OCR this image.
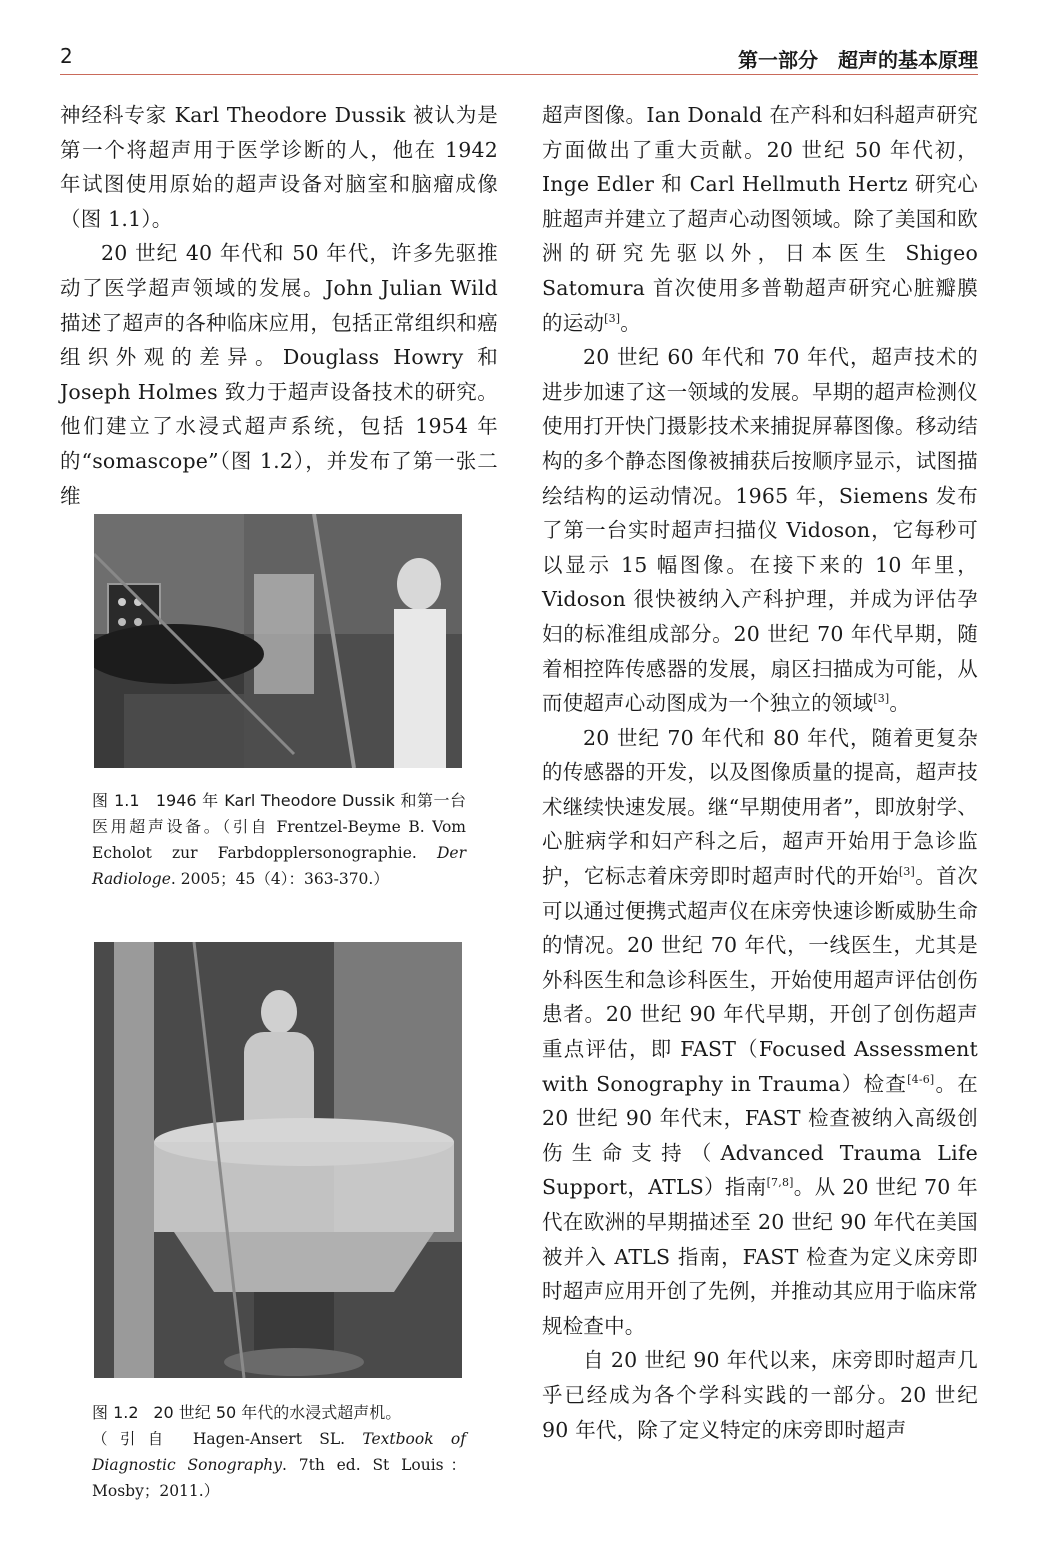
2	第一部分　超声的基本原理

神经科专家 Karl Theodore Dussik 被认为是第一个将超声用于医学诊断的人，他在 1942 年试图使用原始的超声设备对脑室和脑瘤成像（图 1.1）。

20 世纪 40 年代和 50 年代，许多先驱推动了医学超声领域的发展。John Julian Wild 描述了超声的各种临床应用，包括正常组织和癌组织外观的差异。Douglass Howry 和 Joseph Holmes 致力于超声设备技术的研究。他们建立了水浸式超声系统，包括 1954 年的“somascope”（图 1.2），并发布了第一张二维

图 1.1 1946 年 Karl Theodore Dussik 和第一台医用超声设备。（引自 Frentzel-Beyme B. Vom Echolot zur Farbdopplersonographie. Der Radiologe. 2005；45（4）：363-370.）
图 1.2 20 世纪 50 年代的水浸式超声机。
（引自 Hagen-Ansert SL. Textbook of Diagnostic Sonography. 7th ed. St Louis：Mosby；2011.）

超声图像。Ian Donald 在产科和妇科超声研究方面做出了重大贡献。20 世纪 50 年代初，Inge Edler 和 Carl Hellmuth Hertz 研究心脏超声并建立了超声心动图领域。除了美国和欧洲的研究先驱以外，日本医生 Shigeo Satomura 首次使用多普勒超声研究心脏瓣膜的运动[3]。

20 世纪 60 年代和 70 年代，超声技术的进步加速了这一领域的发展。早期的超声检测仪使用打开快门摄影技术来捕捉屏幕图像。移动结构的多个静态图像被捕获后按顺序显示，试图描绘结构的运动情况。1965 年，Siemens 发布了第一台实时超声扫描仪 Vidoson，它每秒可以显示 15 幅图像。在接下来的 10 年里，Vidoson 很快被纳入产科护理，并成为评估孕妇的标准组成部分。20 世纪 70 年代早期，随着相控阵传感器的发展，扇区扫描成为可能，从而使超声心动图成为一个独立的领域[3]。

20 世纪 70 年代和 80 年代，随着更复杂的传感器的开发，以及图像质量的提高，超声技术继续快速发展。继“早期使用者”，即放射学、心脏病学和妇产科之后，超声开始用于急诊监护，它标志着床旁即时超声时代的开始[3]。首次可以通过便携式超声仪在床旁快速诊断威胁生命的情况。20 世纪 70 年代，一线医生，尤其是外科医生和急诊科医生，开始使用超声评估创伤患者。20 世纪 90 年代早期，开创了创伤超声重点评估，即 FAST（Focused Assessment with Sonography in Trauma）检查[4-6]。在 20 世纪 90 年代末，FAST 检查被纳入高级创伤生命支持（Advanced Trauma Life Support，ATLS）指南[7,8]。从 20 世纪 70 年代在欧洲的早期描述至 20 世纪 90 年代在美国被并入 ATLS 指南，FAST 检查为定义床旁即时超声应用开创了先例，并推动其应用于临床常规检查中。

自 20 世纪 90 年代以来，床旁即时超声几乎已经成为各个学科实践的一部分。20 世纪 90 年代，除了定义特定的床旁即时超声
